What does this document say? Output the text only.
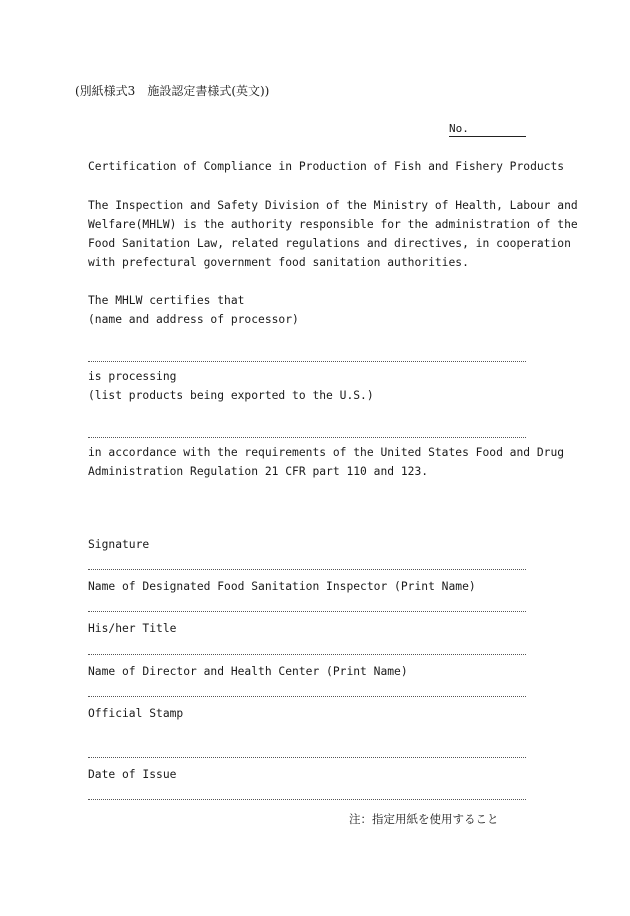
(別紙様式3　施設認定書様式(英文))
No.
Certification of Compliance in Production of Fish and Fishery Products
The Inspection and Safety Division of the Ministry of Health, Labour and
Welfare(MHLW) is the authority responsible for the administration of the
Food Sanitation Law, related regulations and directives, in cooperation
with prefectural government food sanitation authorities.
The MHLW certifies that
(name and address of processor)
is processing
(list products being exported to the U.S.)
in accordance with the requirements of the United States Food and Drug
Administration Regulation 21 CFR part 110 and 123.
Signature
Name of Designated Food Sanitation Inspector (Print Name)
His/her Title
Name of Director and Health Center (Print Name)
Official Stamp
Date of Issue
注：指定用紙を使用すること
